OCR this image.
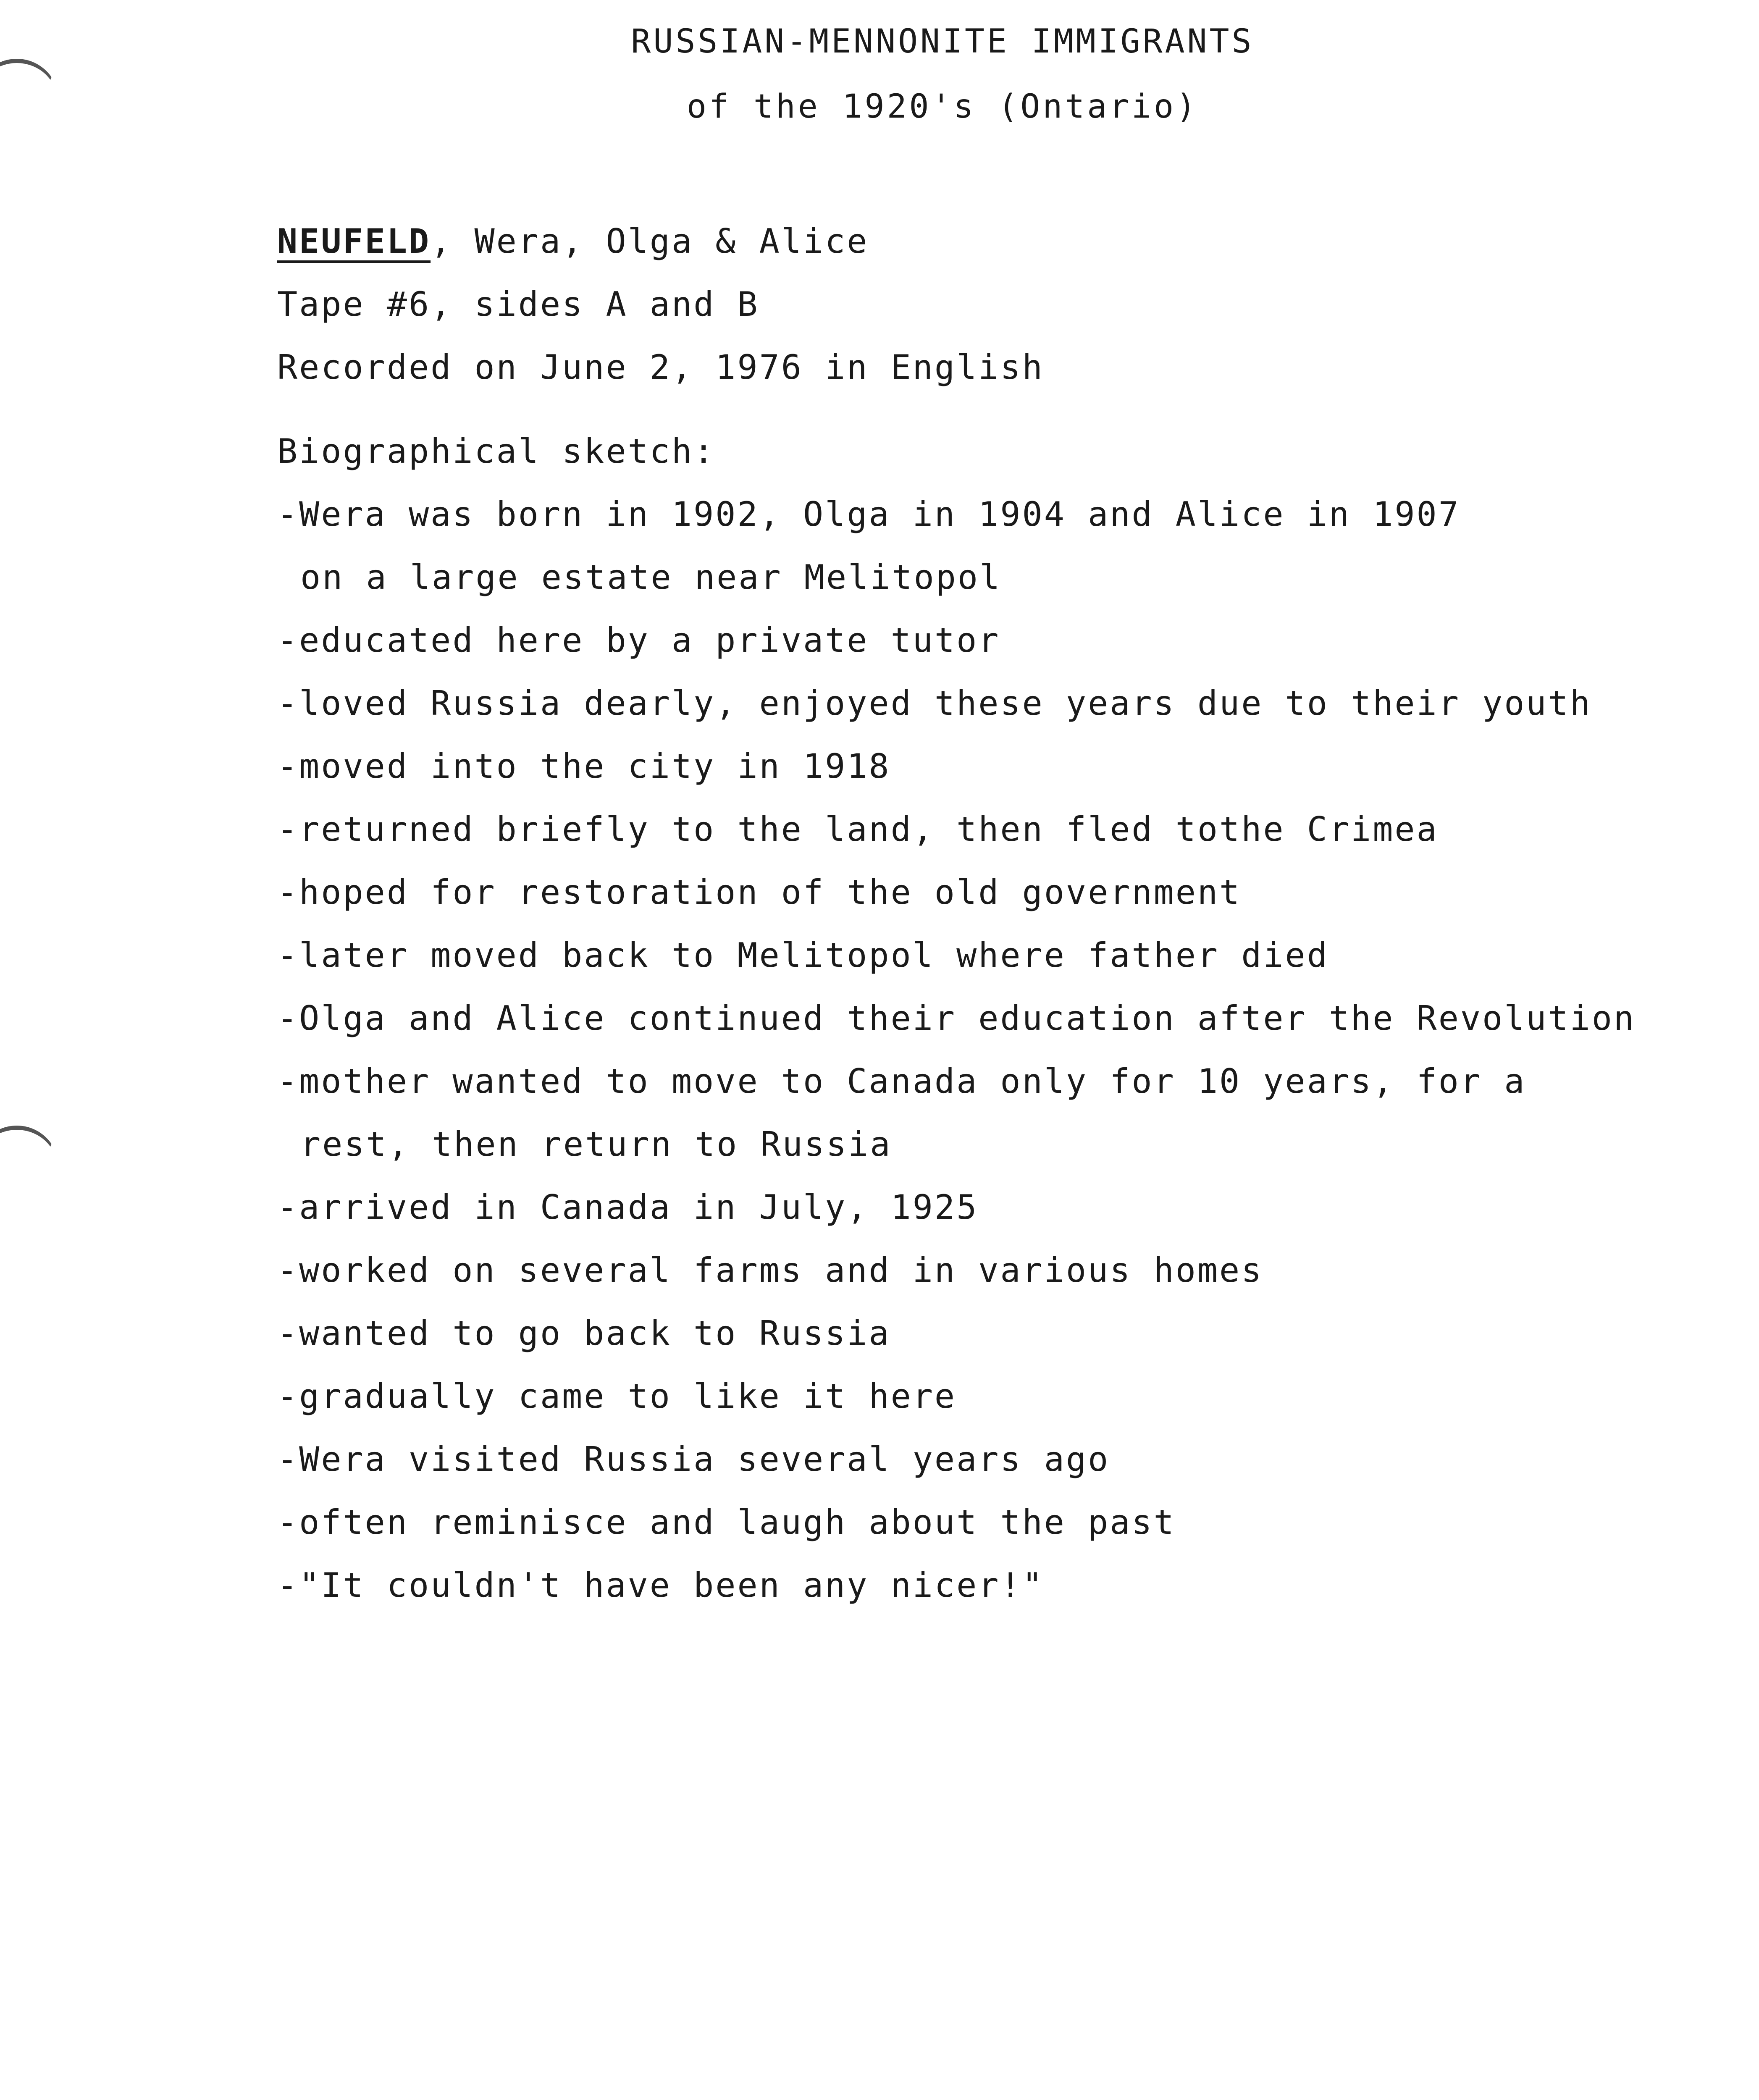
RUSSIAN-MENNONITE IMMIGRANTS
of the 1920's (Ontario)
NEUFELD, Wera, Olga & Alice
Tape #6, sides A and B
Recorded on June 2, 1976 in English
Biographical sketch:
-Wera was born in 1902, Olga in 1904 and Alice in 1907
on a large estate near Melitopol
-educated here by a private tutor
-loved Russia dearly, enjoyed these years due to their youth
-moved into the city in 1918
-returned briefly to the land, then fled tothe Crimea
-hoped for restoration of the old government
-later moved back to Melitopol where father died
-Olga and Alice continued their education after the Revolution
-mother wanted to move to Canada only for 10 years, for a
rest, then return to Russia
-arrived in Canada in July, 1925
-worked on several farms and in various homes
-wanted to go back to Russia
-gradually came to like it here
-Wera visited Russia several years ago
-often reminisce and laugh about the past
-"It couldn't have been any nicer!"
